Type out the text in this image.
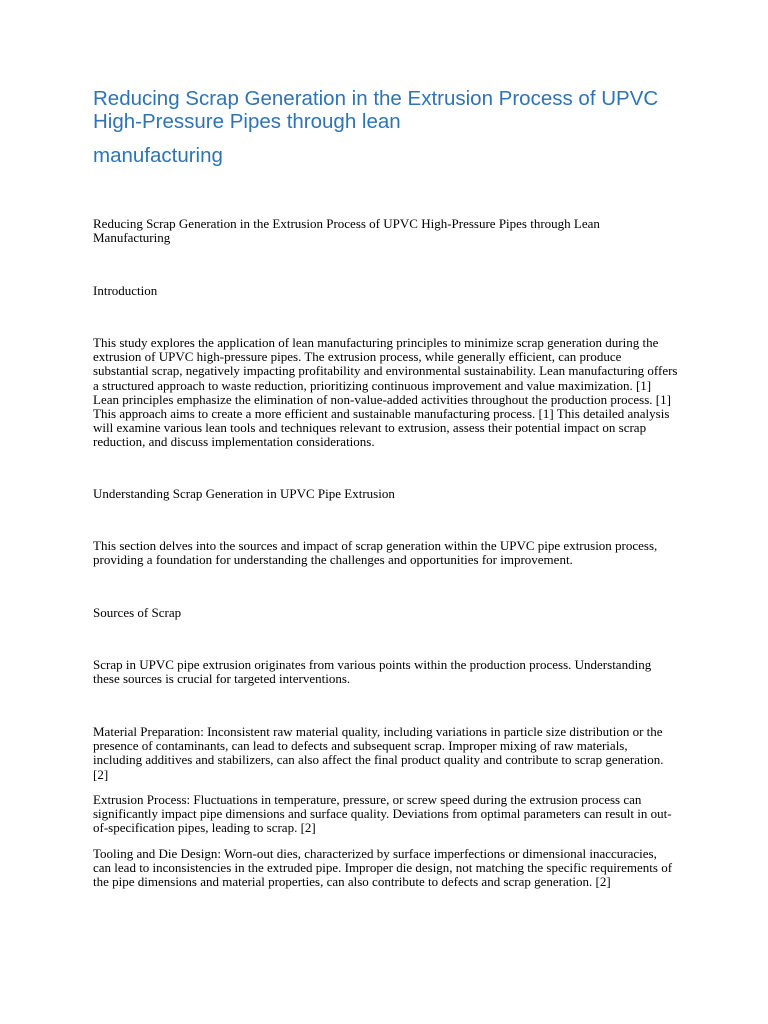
Reducing Scrap Generation in the Extrusion Process of UPVC High-Pressure Pipes through lean
manufacturing

Reducing Scrap Generation in the Extrusion Process of UPVC High-Pressure Pipes through Lean Manufacturing

Introduction

This study explores the application of lean manufacturing principles to minimize scrap generation during the extrusion of UPVC high-pressure pipes. The extrusion process, while generally efficient, can produce substantial scrap, negatively impacting profitability and environmental sustainability. Lean manufacturing offers a structured approach to waste reduction, prioritizing continuous improvement and value maximization. [1] Lean principles emphasize the elimination of non-value-added activities throughout the production process. [1] This approach aims to create a more efficient and sustainable manufacturing process. [1] This detailed analysis will examine various lean tools and techniques relevant to extrusion, assess their potential impact on scrap reduction, and discuss implementation considerations.

Understanding Scrap Generation in UPVC Pipe Extrusion

This section delves into the sources and impact of scrap generation within the UPVC pipe extrusion process, providing a foundation for understanding the challenges and opportunities for improvement.

Sources of Scrap

Scrap in UPVC pipe extrusion originates from various points within the production process. Understanding these sources is crucial for targeted interventions.

Material Preparation: Inconsistent raw material quality, including variations in particle size distribution or the presence of contaminants, can lead to defects and subsequent scrap. Improper mixing of raw materials, including additives and stabilizers, can also affect the final product quality and contribute to scrap generation. [2]

Extrusion Process: Fluctuations in temperature, pressure, or screw speed during the extrusion process can significantly impact pipe dimensions and surface quality. Deviations from optimal parameters can result in out-of-specification pipes, leading to scrap. [2]

Tooling and Die Design: Worn-out dies, characterized by surface imperfections or dimensional inaccuracies, can lead to inconsistencies in the extruded pipe. Improper die design, not matching the specific requirements of the pipe dimensions and material properties, can also contribute to defects and scrap generation. [2]
